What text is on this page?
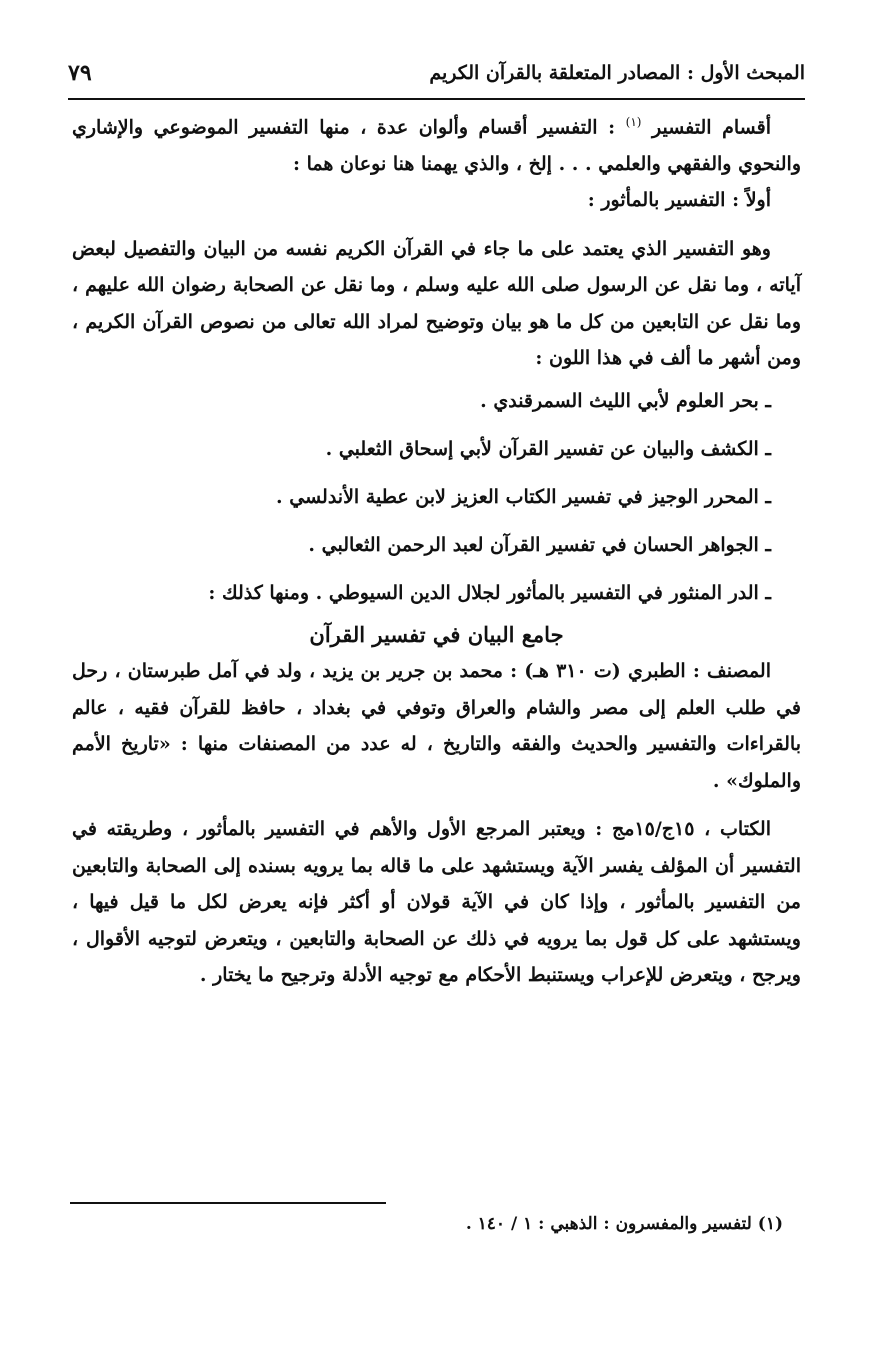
المبحث الأول : المصادر المتعلقة بالقرآن الكريم
٧٩

أقسام التفسير $^{(١)}$ : التفسير أقسام وألوان عدة ، منها التفسير الموضوعي والإشاري والنحوي والفقهي والعلمي . . . إلخ ، والذي يهمنا هنا نوعان هما :

أولاً : التفسير بالمأثور :

وهو التفسير الذي يعتمد على ما جاء في القرآن الكريم نفسه من البيان والتفصيل لبعض آياته ، وما نقل عن الرسول صلى الله عليه وسلم ، وما نقل عن الصحابة رضوان الله عليهم ، وما نقل عن التابعين من كل ما هو بيان وتوضيح لمراد الله تعالى من نصوص القرآن الكريم ، ومن أشهر ما ألف في هذا اللون :

ـ بحر العلوم لأبي الليث السمرقندي .
ـ الكشف والبيان عن تفسير القرآن لأبي إسحاق الثعلبي .
ـ المحرر الوجيز في تفسير الكتاب العزيز لابن عطية الأندلسي .
ـ الجواهر الحسان في تفسير القرآن لعبد الرحمن الثعالبي .
ـ الدر المنثور في التفسير بالمأثور لجلال الدين السيوطي . ومنها كذلك :

جامع البيان في تفسير القرآن

المصنف : الطبري (ت ٣١٠ هـ) : محمد بن جرير بن يزيد ، ولد في آمل طبرستان ، رحل في طلب العلم إلى مصر والشام والعراق وتوفي في بغداد ، حافظ للقرآن فقيه ، عالم بالقراءات والتفسير والحديث والفقه والتاريخ ، له عدد من المصنفات منها : «تاريخ الأمم والملوك» .

الكتاب ، ١٥ج/١٥مج : ويعتبر المرجع الأول والأهم في التفسير بالمأثور ، وطريقته في التفسير أن المؤلف يفسر الآية ويستشهد على ما قاله بما يرويه بسنده إلى الصحابة والتابعين من التفسير بالمأثور ، وإذا كان في الآية قولان أو أكثر فإنه يعرض لكل ما قيل فيها ، ويستشهد على كل قول بما يرويه في ذلك عن الصحابة والتابعين ، ويتعرض لتوجيه الأقوال ، ويرجح ، ويتعرض للإعراب ويستنبط الأحكام مع توجيه الأدلة وترجيح ما يختار .

(١) لتفسير والمفسرون : الذهبي : ١ / ١٤٠ .
